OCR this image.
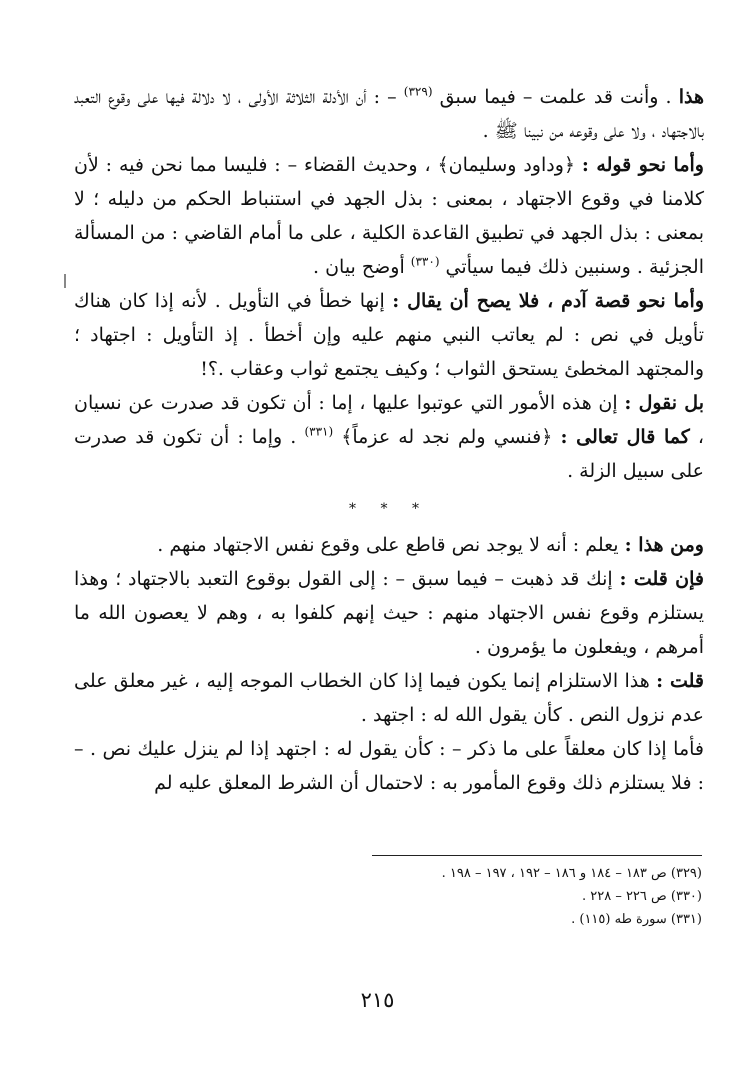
هذا . وأنت قد علمت – فيما سبق $^{(٣٢٩)}$ – : أن الأدلة الثلاثة الأولى ، لا دلالة فيها على وقوع التعبد بالاجتهاد ، ولا على وقوعه من نبينا ﷺ .

وأما نحو قوله : ﴿وداود وسليمان﴾ ، وحديث القضاء – : فليسا مما نحن فيه : لأن كلامنا في وقوع الاجتهاد ، بمعنى : بذل الجهد في استنباط الحكم من دليله ؛ لا بمعنى : بذل الجهد في تطبيق القاعدة الكلية ، على ما أمام القاضي : من المسألة الجزئية . وسنبين ذلك فيما سيأتي $^{(٣٣٠)}$ أوضح بيان .

وأما نحو قصة آدم ، فلا يصح أن يقال : إنها خطأ في التأويل . لأنه إذا كان هناك تأويل في نص : لم يعاتب النبي منهم عليه وإن أخطأ . إذ التأويل : اجتهاد ؛ والمجتهد المخطئ يستحق الثواب ؛ وكيف يجتمع ثواب وعقاب .؟!

بل نقول : إن هذه الأمور التي عوتبوا عليها ، إما : أن تكون قد صدرت عن نسيان ، كما قال تعالى : ﴿فنسي ولم نجد له عزماً﴾ $^{(٣٣١)}$ . وإما : أن تكون قد صدرت على سبيل الزلة .

* * *

ومن هذا : يعلم : أنه لا يوجد نص قاطع على وقوع نفس الاجتهاد منهم .

فإن قلت : إنك قد ذهبت – فيما سبق – : إلى القول بوقوع التعبد بالاجتهاد ؛ وهذا يستلزم وقوع نفس الاجتهاد منهم : حيث إنهم كلفوا به ، وهم لا يعصون الله ما أمرهم ، ويفعلون ما يؤمرون .

قلت : هذا الاستلزام إنما يكون فيما إذا كان الخطاب الموجه إليه ، غير معلق على عدم نزول النص . كأن يقول الله له : اجتهد .

فأما إذا كان معلقاً على ما ذكر – : كأن يقول له : اجتهد إذا لم ينزل عليك نص . – : فلا يستلزم ذلك وقوع المأمور به : لاحتمال أن الشرط المعلق عليه لم

(٣٢٩) ص ١٨٣ – ١٨٤ و ١٨٦ – ١٩٢ ، ١٩٧ – ١٩٨ .

(٣٣٠) ص ٢٢٦ – ٢٢٨ .

(٣٣١) سورة طه (١١٥) .

٢١٥
